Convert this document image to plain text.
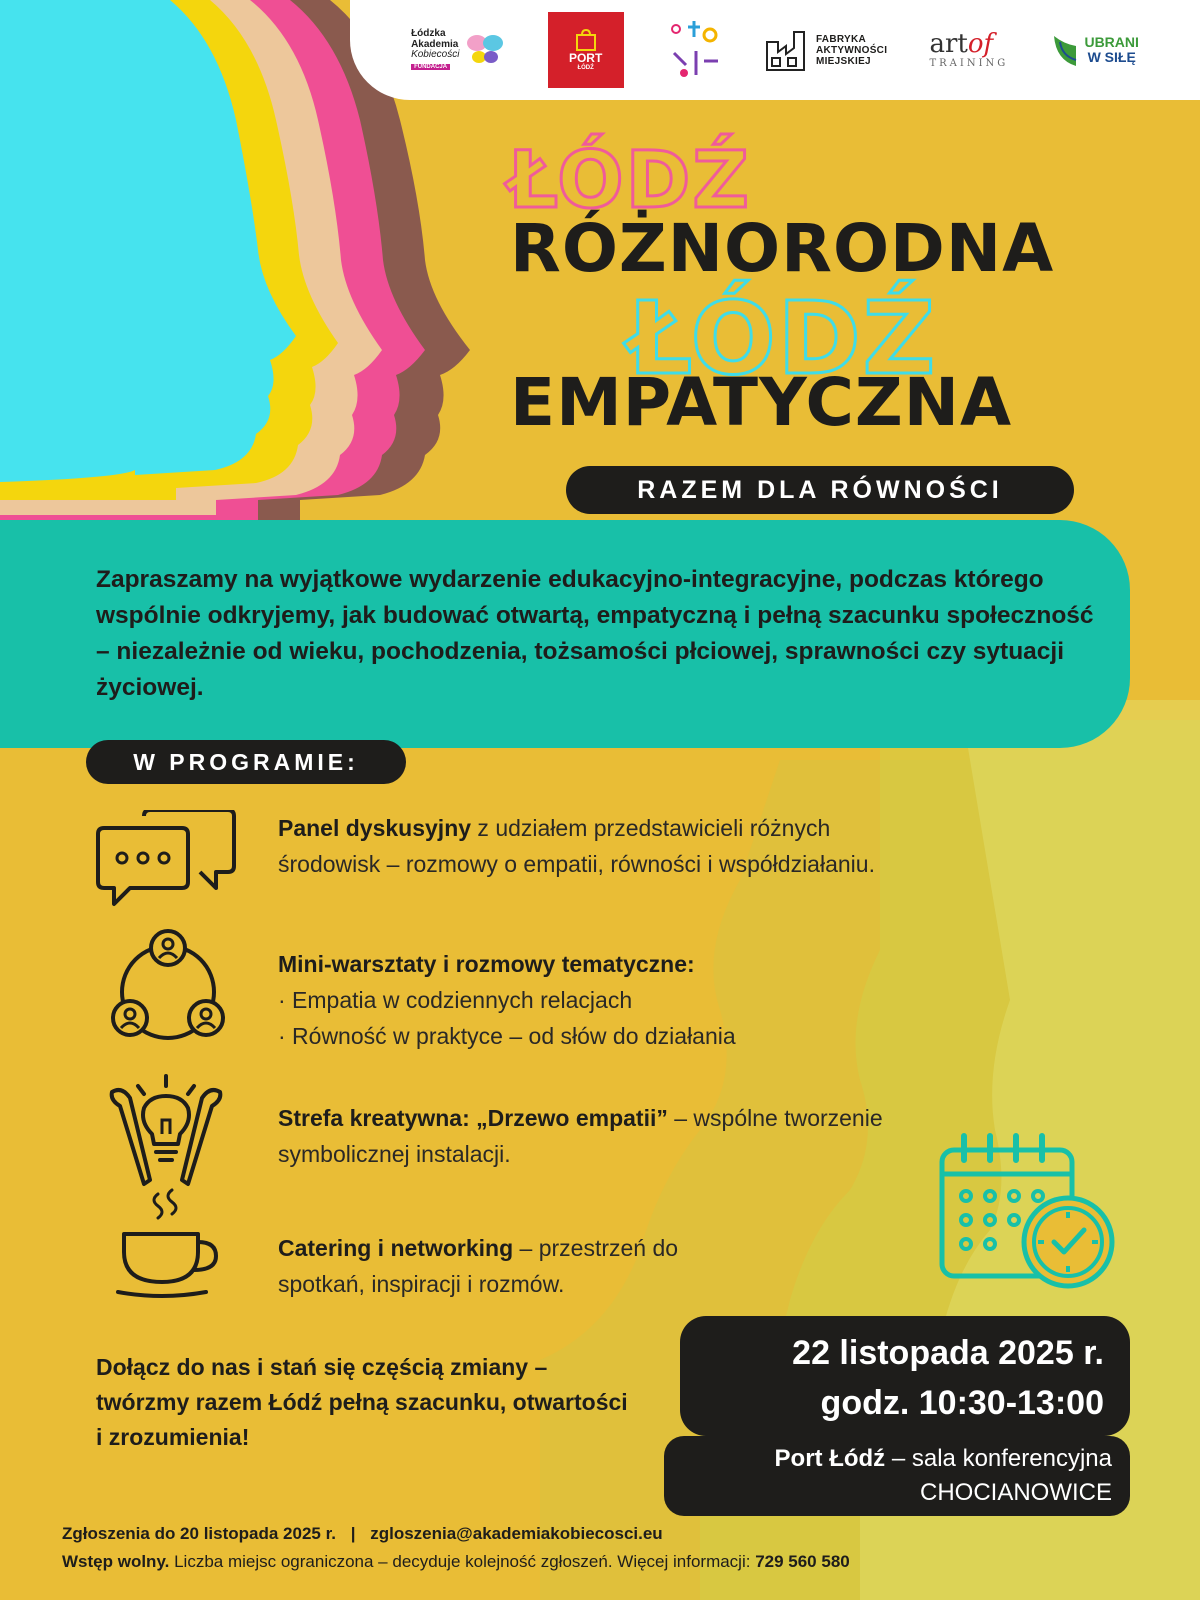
Łódzka
Akademia
Kobiecości
FUNDACJA
PORT
ŁÓDŹ
FABRYKA
AKTYWNOŚCI
MIEJSKIEJ
artof
TRAINING
UBRANI
W SIŁĘ
ŁÓDŹ
RÓŻNORODNA
ŁÓDŹ
EMPATYCZNA
RAZEM DLA RÓWNOŚCI
Zapraszamy na wyjątkowe wydarzenie edukacyjno-integracyjne, podczas którego wspólnie odkryjemy, jak budować otwartą, empatyczną i pełną szacunku społeczność – niezależnie od wieku, pochodzenia, tożsamości płciowej, sprawności czy sytuacji życiowej.
W PROGRAMIE:
Panel dyskusyjny z udziałem przedstawicieli różnych środowisk – rozmowy o empatii, równości i współdziałaniu.
Mini-warsztaty i rozmowy tematyczne:
· Empatia w codziennych relacjach
· Równość w praktyce – od słów do działania
Strefa kreatywna: „Drzewo empatii” – wspólne tworzenie symbolicznej instalacji.
Catering i networking – przestrzeń do spotkań, inspiracji i rozmów.
Dołącz do nas i stań się częścią zmiany – twórzmy razem Łódź pełną szacunku, otwartości i zrozumienia!
22 listopada 2025 r.
godz. 10:30-13:00
Port Łódź – sala konferencyjna
CHOCIANOWICE
Zgłoszenia do 20 listopada 2025 r. | zgloszenia@akademiakobiecosci.eu
Wstęp wolny. Liczba miejsc ograniczona – decyduje kolejność zgłoszeń. Więcej informacji: 729 560 580
